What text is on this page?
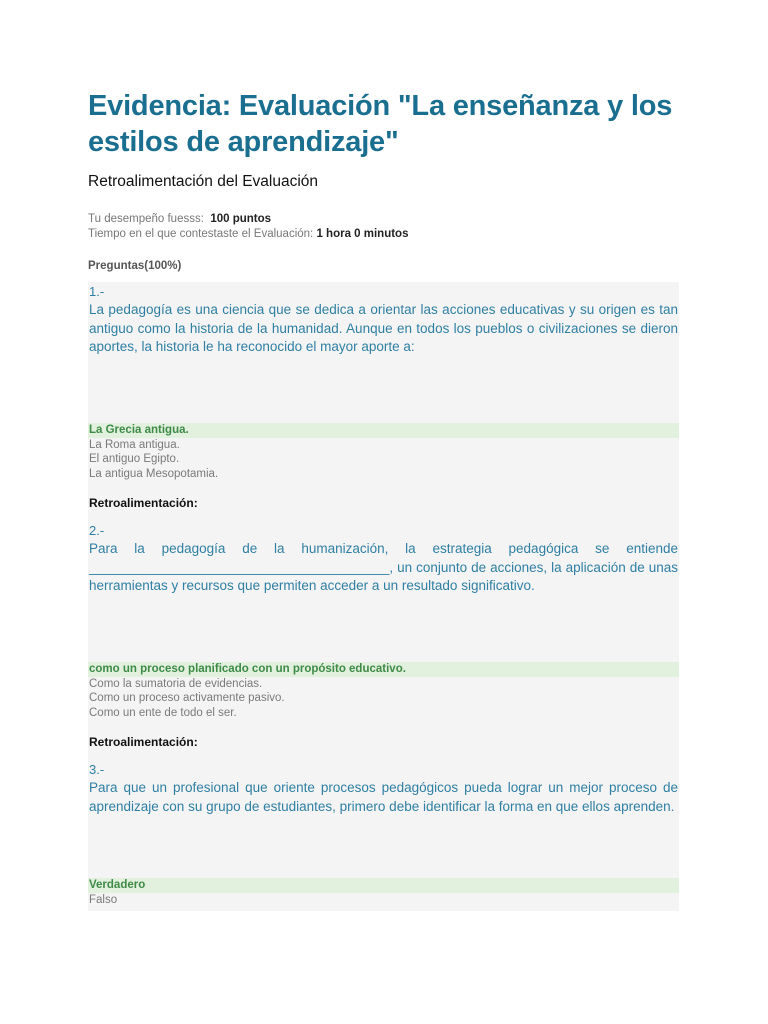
Evidencia: Evaluación "La enseñanza y los estilos de aprendizaje"
Retroalimentación del Evaluación
Tu desempeño fuesss: 100 puntos
Tiempo en el que contestaste el Evaluación: 1 hora 0 minutos
Preguntas(100%)
1.-
La pedagogía es una ciencia que se dedica a orientar las acciones educativas y su origen es tan antiguo como la historia de la humanidad. Aunque en todos los pueblos o civilizaciones se dieron aportes, la historia le ha reconocido el mayor aporte a:
La Grecia antigua.
La Roma antigua.
El antiguo Egipto.
La antigua Mesopotamia.
Retroalimentación:
2.-
Para la pedagogía de la humanización, la estrategia pedagógica se entiende ________________________________________, un conjunto de acciones, la aplicación de unas herramientas y recursos que permiten acceder a un resultado significativo.
como un proceso planificado con un propósito educativo.
Como la sumatoria de evidencias.
Como un proceso activamente pasivo.
Como un ente de todo el ser.
Retroalimentación:
3.-
Para que un profesional que oriente procesos pedagógicos pueda lograr un mejor proceso de aprendizaje con su grupo de estudiantes, primero debe identificar la forma en que ellos aprenden.
Verdadero
Falso
